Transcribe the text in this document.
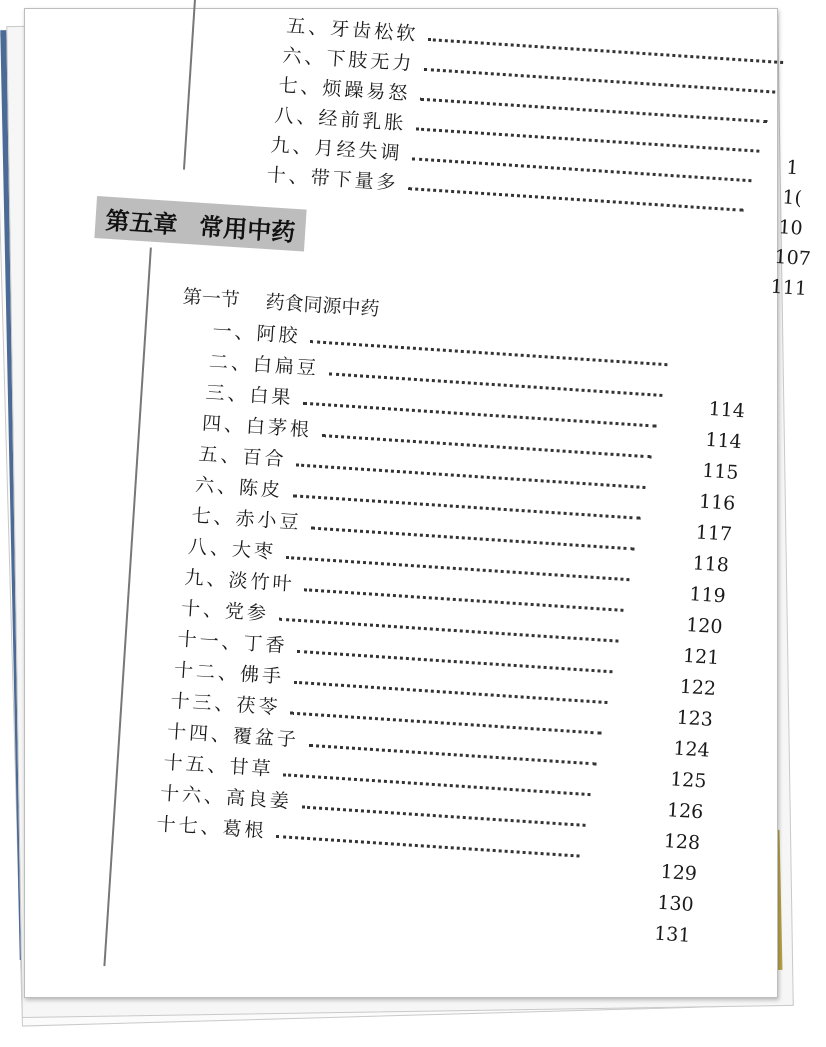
五、牙齿松软
六、下肢无力
七、烦躁易怒
八、经前乳胀
九、月经失调
十、带下量多	1
1(
10
107
111
第五章 常用中药
第一节 药食同源中药
一、阿胶
二、白扁豆
三、白果
四、白茅根
五、百合
六、陈皮
七、赤小豆
八、大枣
九、淡竹叶
十、党参
十一、丁香
十二、佛手
十三、茯苓
十四、覆盆子
十五、甘草
十六、高良姜
十七、葛根
114
114
115
116
117
118
119
120
121
122
123
124
125
126
128
129
130
131
